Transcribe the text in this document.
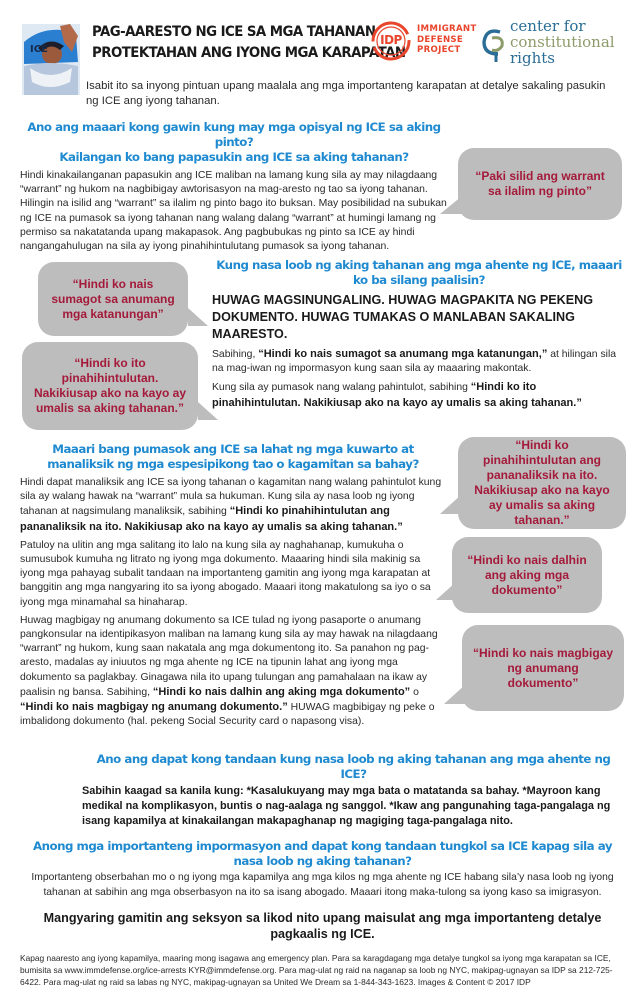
ICE
PAG-AARESTO NG ICE SA MGA TAHANAN
PROTEKTAHAN ANG IYONG MGA KARAPATAN
IDP
IMMIGRANT
DEFENSE
PROJECT
center for
constitutional
rights
Isabit ito sa inyong pintuan upang maalala ang mga importanteng karapatan at detalye sakaling pasukin ng ICE ang iyong tahanan.
Ano ang maaari kong gawin kung may mga opisyal ng ICE sa aking pinto?
Kailangan ko bang papasukin ang ICE sa aking tahanan?
Hindi kinakailanganan papasukin ang ICE maliban na lamang kung sila ay may nilagdaang “warrant” ng hukom na nagbibigay awtorisasyon na mag-aresto ng tao sa iyong tahanan. Hilingin na isilid ang “warrant” sa ilalim ng pinto bago ito buksan. May posibilidad na subukan ng ICE na pumasok sa iyong tahanan nang walang dalang “warrant” at humingi lamang ng permiso sa nakatatanda upang makapasok. Ang pagbubukas ng pinto sa ICE ay hindi nangangahulugan na sila ay iyong pinahihintulutang pumasok sa iyong tahanan.
“Paki silid ang warrant sa ilalim ng pinto”
“Hindi ko nais sumagot sa anumang mga katanungan”
“Hindi ko ito pinahihintulutan. Nakikiusap ako na kayo ay umalis sa aking tahanan.”
Kung nasa loob ng aking tahanan ang mga ahente ng ICE, maaari ko ba silang paalisin?
HUWAG MAGSINUNGALING. HUWAG MAGPAKITA NG PEKENG DOKUMENTO. HUWAG TUMAKAS O MANLABAN SAKALING MAARESTO.
Sabihing, “Hindi ko nais sumagot sa anumang mga katanungan,” at hilingan sila na mag-iwan ng impormasyon kung saan sila ay maaaring makontak.
Kung sila ay pumasok nang walang pahintulot, sabihing “Hindi ko ito pinahihintulutan. Nakikiusap ako na kayo ay umalis sa aking tahanan.”
Maaari bang pumasok ang ICE sa lahat ng mga kuwarto at manaliksik ng mga espesipikong tao o kagamitan sa bahay?
Hindi dapat manaliksik ang ICE sa iyong tahanan o kagamitan nang walang pahintulot kung sila ay walang hawak na “warrant” mula sa hukuman. Kung sila ay nasa loob ng iyong tahanan at nagsimulang manaliksik, sabihing “Hindi ko pinahihintulutan ang pananaliksik na ito. Nakikiusap ako na kayo ay umalis sa aking tahanan.”
Patuloy na ulitin ang mga salitang ito lalo na kung sila ay naghahanap, kumukuha o sumusubok kumuha ng litrato ng iyong mga dokumento. Maaaring hindi sila makinig sa iyong mga pahayag subalit tandaan na importanteng gamitin ang iyong mga karapatan at banggitin ang mga nangyaring ito sa iyong abogado. Maaari itong makatulong sa iyo o sa iyong mga minamahal sa hinaharap.
Huwag magbigay ng anumang dokumento sa ICE tulad ng iyong pasaporte o anumang pangkonsular na identipikasyon maliban na lamang kung sila ay may hawak na nilagdaang “warrant” ng hukom, kung saan nakatala ang mga dokumentong ito. Sa panahon ng pag-aresto, madalas ay iniuutos ng mga ahente ng ICE na tipunin lahat ang iyong mga dokumento sa paglakbay. Ginagawa nila ito upang tulungan ang pamahalaan na ikaw ay paalisin ng bansa. Sabihing, “Hindi ko nais dalhin ang aking mga dokumento” o “Hindi ko nais magbigay ng anumang dokumento.” HUWAG magbibigay ng peke o imbalidong dokumento (hal. pekeng Social Security card o napasong visa).
“Hindi ko pinahihintulutan ang pananaliksik na ito. Nakikiusap ako na kayo ay umalis sa aking tahanan.”
“Hindi ko nais dalhin ang aking mga dokumento”
“Hindi ko nais magbigay ng anumang dokumento”
Ano ang dapat kong tandaan kung nasa loob ng aking tahanan ang mga ahente ng ICE?
Sabihin kaagad sa kanila kung: *Kasalukuyang may mga bata o matatanda sa bahay. *Mayroon kang medikal na komplikasyon, buntis o nag-aalaga ng sanggol. *Ikaw ang pangunahing taga-pangalaga ng isang kapamilya at kinakailangan makapaghanap ng magiging taga-pangalaga nito.
Anong mga importanteng impormasyon and dapat kong tandaan tungkol sa ICE kapag sila ay nasa loob ng aking tahanan?
Importanteng obserbahan mo o ng iyong mga kapamilya ang mga kilos ng mga ahente ng ICE habang sila’y nasa loob ng iyong tahanan at sabihin ang mga obserbasyon na ito sa isang abogado. Maaari itong maka-tulong sa iyong kaso sa imigrasyon.
Mangyaring gamitin ang seksyon sa likod nito upang maisulat ang mga importanteng detalye pagkaalis ng ICE.
Kapag naaresto ang iyong kapamilya, maaring mong isagawa ang emergency plan. Para sa karagdagang mga detalye tungkol sa iyong mga karapatan sa ICE, bumisita sa www.immdefense.org/ice-arrests KYR@immdefense.org. Para mag-ulat ng raid na naganap sa loob ng NYC, makipag-ugnayan sa IDP sa 212-725-6422. Para mag-ulat ng raid sa labas ng NYC, makipag-ugnayan sa United We Dream sa 1-844-343-1623. Images & Content © 2017 IDP
